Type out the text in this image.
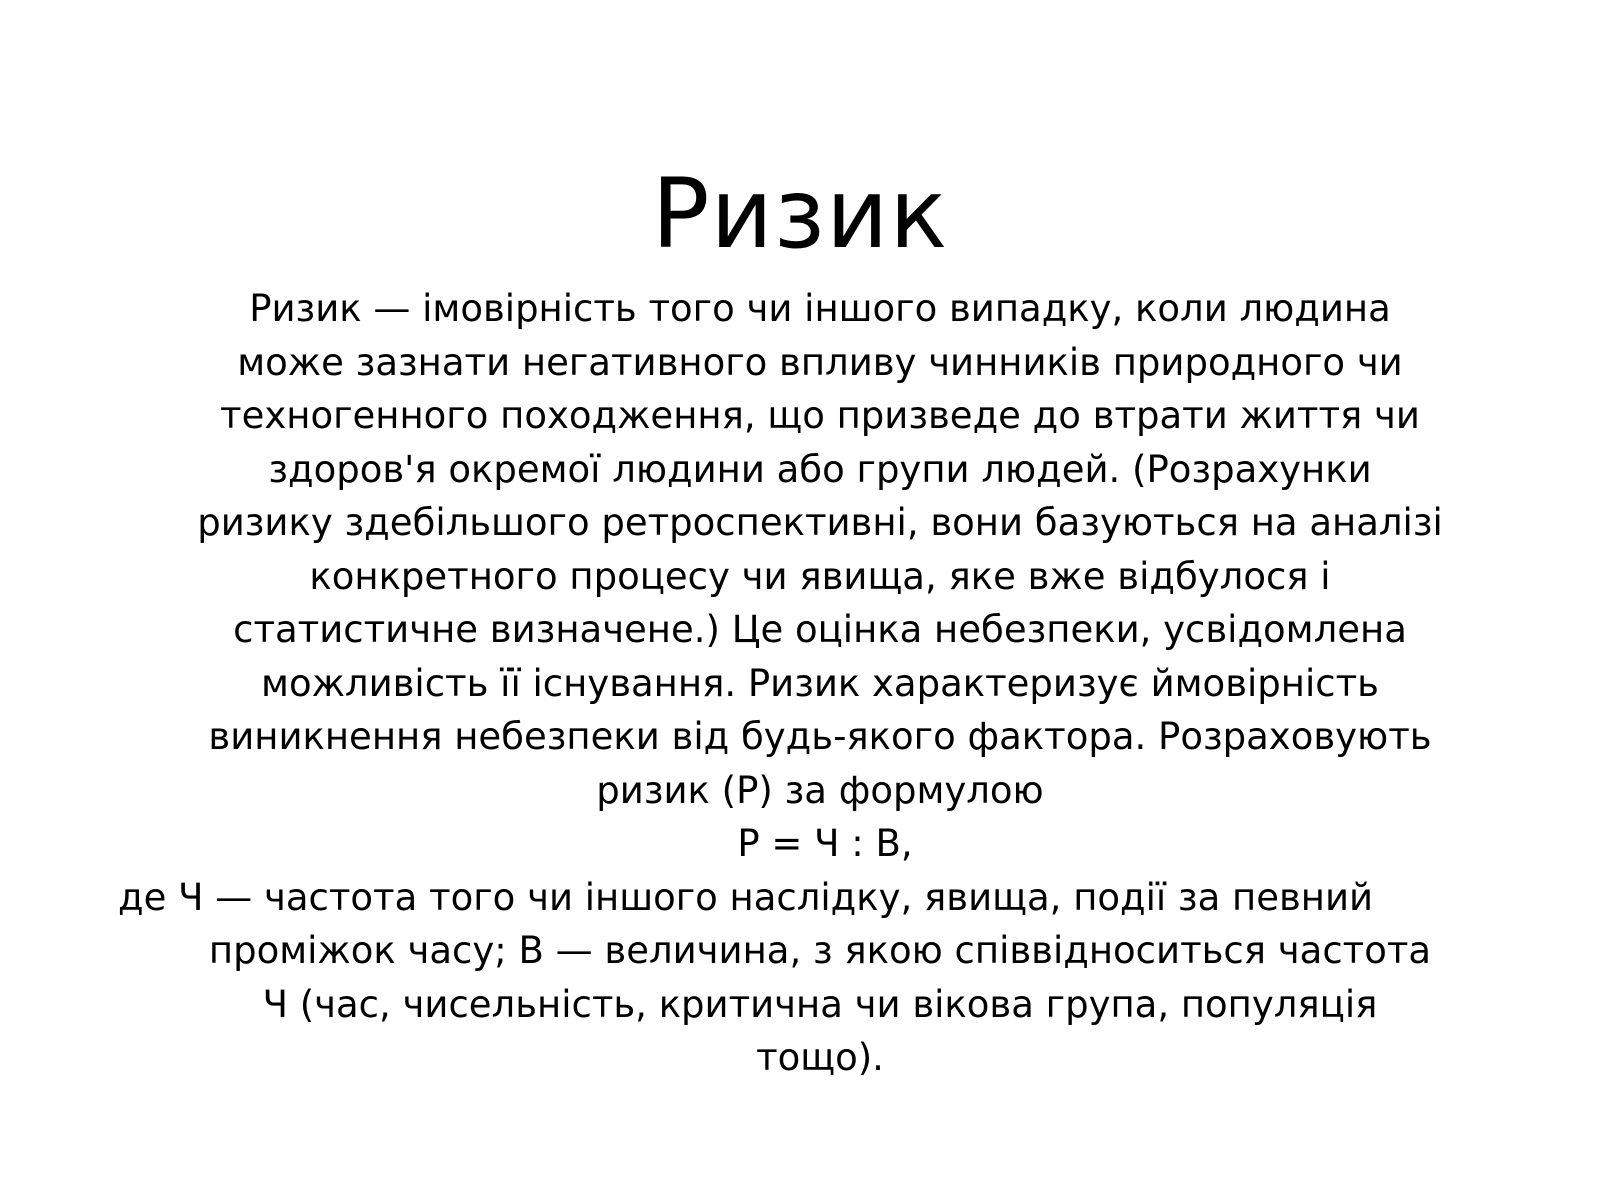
Ризик

Ризик — імовірність того чи іншого випадку, коли людина
може зазнати негативного впливу чинників природного чи
техногенного походження, що призведе до втрати життя чи
здоров'я окремої людини або групи людей. (Розрахунки
ризику здебільшого ретроспективні, вони базуються на аналізі
конкретного процесу чи явища, яке вже відбулося і
статистичне визначене.) Це оцінка небезпеки, усвідомлена
можливість її існування. Ризик характеризує ймовірність
виникнення небезпеки від будь-якого фактора. Розраховують
ризик (Р) за формулою

Р = Ч : В,

де Ч — частота того чи іншого наслідку, явища, події за певний
проміжок часу; В — величина, з якою співвідноситься частота
Ч (час, чисельність, критична чи вікова група, популяція
тощо).
